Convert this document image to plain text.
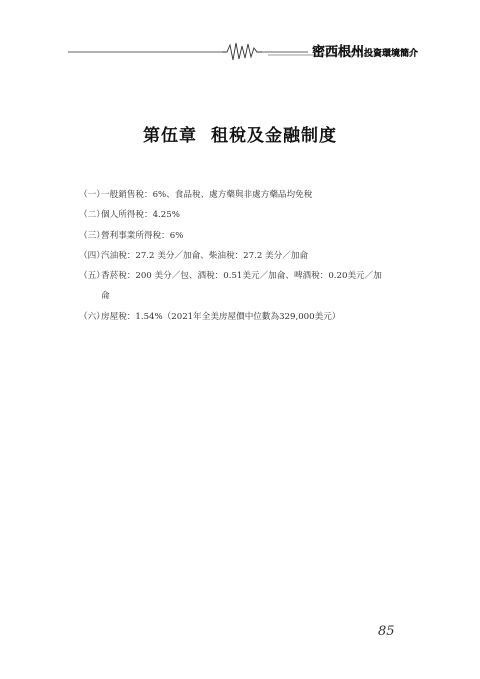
密西根州投資環境簡介
第伍章 租稅及金融制度
（一）
一般銷售稅：6%、食品稅、處方藥與非處方藥品均免稅
（二）
個人所得稅：4.25%
（三）
營利事業所得稅：6%
（四）
汽油稅：27.2 美分／加侖、柴油稅：27.2 美分／加侖
（五）
香菸稅：200 美分／包、酒稅：0.51美元／加侖、啤酒稅：0.20美元／加
侖
（六）
房屋稅：1.54%（2021年全美房屋價中位數為329,000美元）
85
